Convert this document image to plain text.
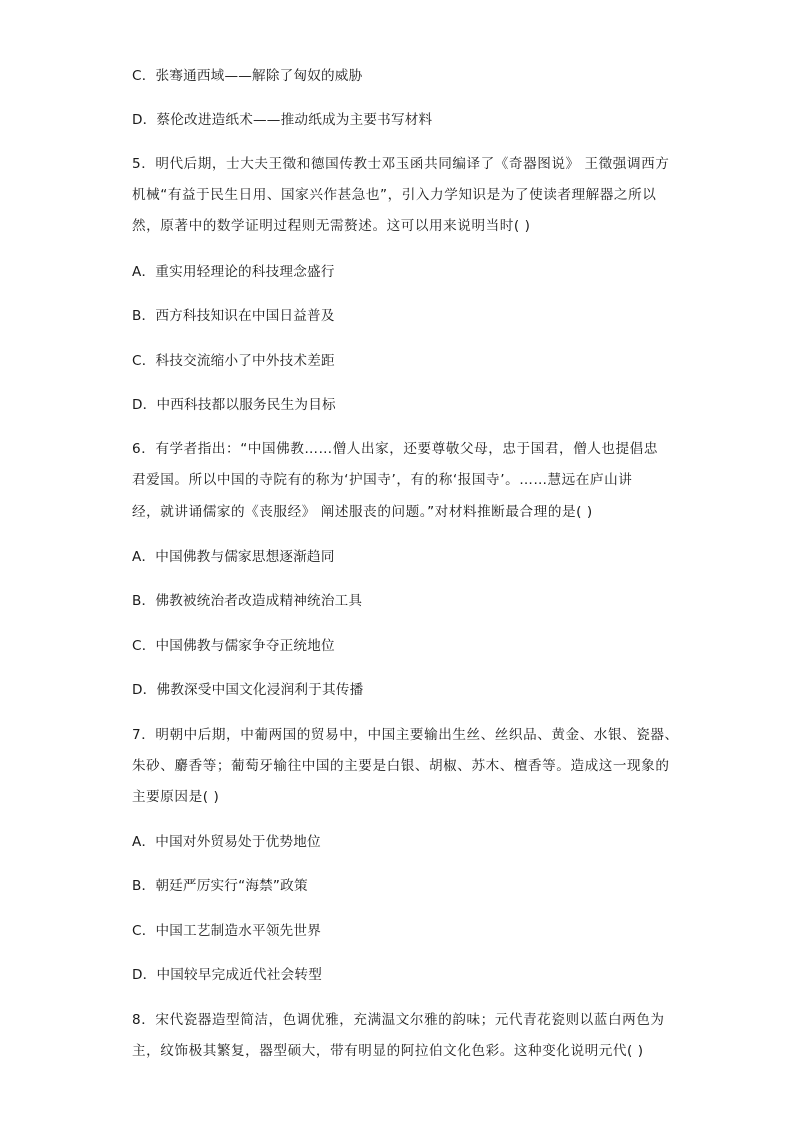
C．张骞通西域——解除了匈奴的威胁
D．蔡伦改进造纸术——推动纸成为主要书写材料
5．明代后期，士大夫王徵和德国传教士邓玉函共同编译了《奇器图说》 王徵强调西方
机械“有益于民生日用、国家兴作甚急也”，引入力学知识是为了使读者理解器之所以
然，原著中的数学证明过程则无需赘述。这可以用来说明当时( )
A．重实用轻理论的科技理念盛行
B．西方科技知识在中国日益普及
C．科技交流缩小了中外技术差距
D．中西科技都以服务民生为目标
6．有学者指出：“中国佛教……僧人出家，还要尊敬父母，忠于国君，僧人也提倡忠
君爱国。所以中国的寺院有的称为‘护国寺’，有的称‘报国寺’。……慧远在庐山讲
经，就讲诵儒家的《丧服经》 阐述服丧的问题。”对材料推断最合理的是( )
A．中国佛教与儒家思想逐渐趋同
B．佛教被统治者改造成精神统治工具
C．中国佛教与儒家争夺正统地位
D．佛教深受中国文化浸润利于其传播
7．明朝中后期，中葡两国的贸易中，中国主要输出生丝、丝织品、黄金、水银、瓷器、
朱砂、麝香等；葡萄牙输往中国的主要是白银、胡椒、苏木、檀香等。造成这一现象的
主要原因是( )
A．中国对外贸易处于优势地位
B．朝廷严厉实行“海禁”政策
C．中国工艺制造水平领先世界
D．中国较早完成近代社会转型
8．宋代瓷器造型简洁，色调优雅，充满温文尔雅的韵味；元代青花瓷则以蓝白两色为
主，纹饰极其繁复，器型硕大，带有明显的阿拉伯文化色彩。这种变化说明元代( )
